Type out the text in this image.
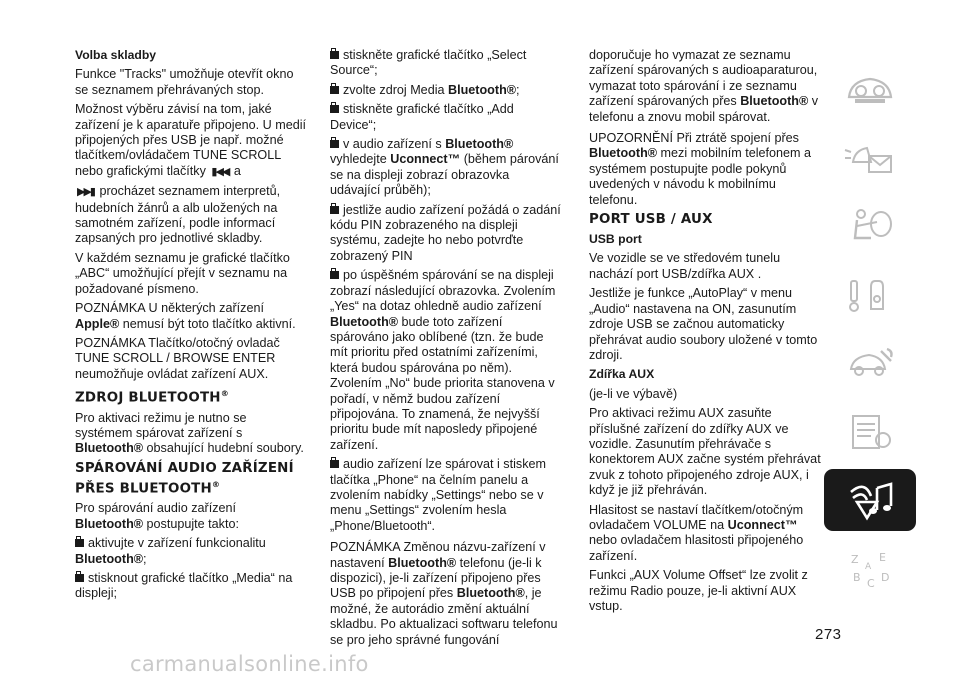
Volba skladby

Funkce "Tracks" umožňuje otevřít okno se seznamem přehrávaných stop.

Možnost výběru závisí na tom, jaké zařízení je k aparatuře připojeno. U medií připojených přes USB je např. možné tlačítkem/ovládačem TUNE SCROLL nebo grafickými tlačítky ▮◀◀ a

▶▶▮ procházet seznamem interpretů, hudebních žánrů a alb uložených na samotném zařízení, podle informací zapsaných pro jednotlivé skladby.

V každém seznamu je grafické tlačítko „ABC“ umožňující přejít v seznamu na požadované písmeno.

POZNÁMKA U některých zařízení Apple® nemusí být toto tlačítko aktivní.

POZNÁMKA Tlačítko/otočný ovladač TUNE SCROLL / BROWSE ENTER neumožňuje ovládat zařízení AUX.

ZDROJ BLUETOOTH®

Pro aktivaci režimu je nutno se systémem spárovat zařízení s Bluetooth® obsahující hudební soubory.

SPÁROVÁNÍ AUDIO ZAŘÍZENÍ
PŘES BLUETOOTH®

Pro spárování audio zařízení Bluetooth® postupujte takto:

aktivujte v zařízení funkcionalitu Bluetooth®;

stisknout grafické tlačítko „Media“ na displeji;

stiskněte grafické tlačítko „Select Source“;

zvolte zdroj Media Bluetooth®;

stiskněte grafické tlačítko „Add Device“;

v audio zařízení s Bluetooth® vyhledejte Uconnect™ (během párování se na displeji zobrazí obrazovka udávající průběh);

jestliže audio zařízení požádá o zadání kódu PIN zobrazeného na displeji systému, zadejte ho nebo potvrďte zobrazený PIN

po úspěšném spárování se na displeji zobrazí následující obrazovka. Zvolením „Yes“ na dotaz ohledně audio zařízení Bluetooth® bude toto zařízení spárováno jako oblíbené (tzn. že bude mít prioritu před ostatními zařízeními, která budou spárována po něm). Zvolením „No“ bude priorita stanovena v pořadí, v němž budou zařízení připojována. To znamená, že nejvyšší prioritu bude mít naposledy připojené zařízení.

audio zařízení lze spárovat i stiskem tlačítka „Phone“ na čelním panelu a zvolením nabídky „Settings“ nebo se v menu „Settings“ zvolením hesla „Phone/Bluetooth“.

POZNÁMKA Změnou názvu-zařízení v nastavení Bluetooth® telefonu (je-li k dispozici), je-li zařízení připojeno přes USB po připojení přes Bluetooth®, je možné, že autorádio změní aktuální skladbu. Po aktualizaci softwaru telefonu se pro jeho správné fungování

doporučuje ho vymazat ze seznamu zařízení spárovaných s audioaparaturou, vymazat toto spárování i ze seznamu zařízení spárovaných přes Bluetooth® v telefonu a znovu mobil spárovat.

UPOZORNĚNÍ Při ztrátě spojení přes Bluetooth® mezi mobilním telefonem a systémem postupujte podle pokynů uvedených v návodu k mobilnímu telefonu.

PORT USB / AUX

USB port

Ve vozidle se ve středovém tunelu nachází port USB/zdířka AUX .

Jestliže je funkce „AutoPlay“ v menu „Audio“ nastavena na ON, zasunutím zdroje USB se začnou automaticky přehrávat audio soubory uložené v tomto zdroji.

Zdířka AUX

(je-li ve výbavě)

Pro aktivaci režimu AUX zasuňte příslušné zařízení do zdířky AUX ve vozidle. Zasunutím přehrávače s konektorem AUX začne systém přehrávat zvuk z tohoto připojeného zdroje AUX, i když je již přehráván.

Hlasitost se nastaví tlačítkem/otočným ovladačem VOLUME na Uconnect™ nebo ovladačem hlasitosti připojeného zařízení.

Funkci „AUX Volume Offset“ lze zvolit z režimu Radio pouze, je-li aktivní AUX vstup.

Z E
A
B C D
273
carmanualsonline.info
